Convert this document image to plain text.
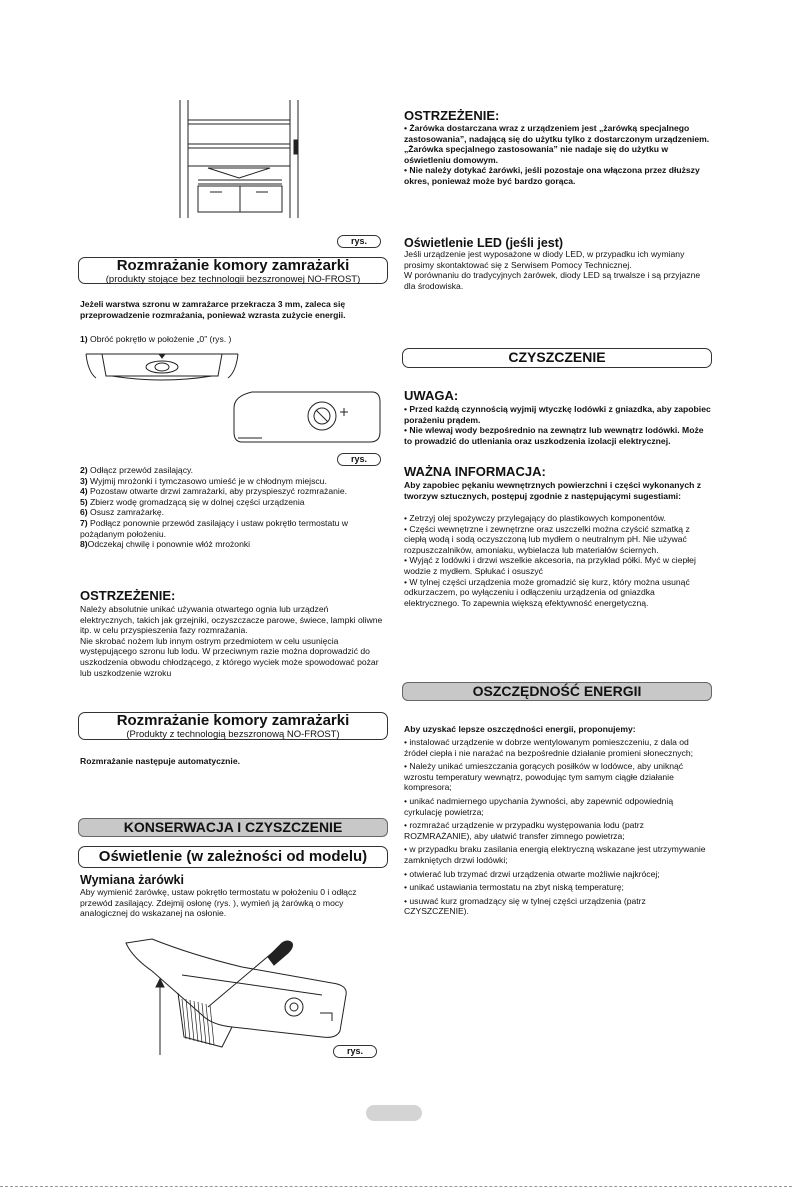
rys.
Rozmrażanie komory zamrażarki
(produkty stojące bez technologii bezszronowej NO-FROST)
Jeżeli warstwa szronu w zamrażarce przekracza 3 mm, zaleca się przeprowadzenie rozmrażania, ponieważ wzrasta zużycie energii.
1) Obróć pokrętło w położenie „0” (rys. )
rys.

2) Odłącz przewód zasilający.

3) Wyjmij mrożonki i tymczasowo umieść je w chłodnym miejscu.

4) Pozostaw otwarte drzwi zamrażarki, aby przyspieszyć rozmrażanie.

5) Zbierz wodę gromadzącą się w dolnej części urządzenia

6) Osusz zamrażarkę.

7) Podłącz ponownie przewód zasilający i ustaw pokrętło termostatu w pożądanym położeniu.

8)Odczekaj chwilę i ponownie włóż mrożonki

OSTRZEŻENIE:

Należy absolutnie unikać używania otwartego ognia lub urządzeń elektrycznych, takich jak grzejniki, oczyszczacze parowe, świece, lampki oliwne itp. w celu przyspieszenia fazy rozmrażania.

Nie skrobać nożem lub innym ostrym przedmiotem w celu usunięcia występującego szronu lub lodu. W przeciwnym razie można doprowadzić do uszkodzenia obwodu chłodzącego, z którego wyciek może spowodować pożar lub uszkodzenie wzroku

Rozmrażanie komory zamrażarki
(Produkty z technologią bezszronową NO-FROST)
Rozmrażanie następuje automatycznie.
KONSERWACJA I CZYSZCZENIE
Oświetlenie (w zależności od modelu)
Wymiana żarówki
Aby wymienić żarówkę, ustaw pokrętło termostatu w położeniu 0 i odłącz przewód zasilający. Zdejmij osłonę (rys. ), wymień ją żarówką o mocy analogicznej do wskazanej na osłonie.
rys.
OSTRZEŻENIE:

• Żarówka dostarczana wraz z urządzeniem jest „żarówką specjalnego zastosowania”, nadającą się do użytku tylko z dostarczonym urządzeniem. „Żarówka specjalnego zastosowania” nie nadaje się do użytku w oświetleniu domowym.

• Nie należy dotykać żarówki, jeśli pozostaje ona włączona przez dłuższy okres, ponieważ może być bardzo gorąca.

Oświetlenie LED (jeśli jest)

Jeśli urządzenie jest wyposażone w diody LED, w przypadku ich wymiany prosimy skontaktować się z Serwisem Pomocy Technicznej.

W porównaniu do tradycyjnych żarówek, diody LED są trwalsze i są przyjazne dla środowiska.

CZYSZCZENIE
UWAGA:

• Przed każdą czynnością wyjmij wtyczkę lodówki z gniazdka, aby zapobiec porażeniu prądem.

• Nie wlewaj wody bezpośrednio na zewnątrz lub wewnątrz lodówki. Może to prowadzić do utleniania oraz uszkodzenia izolacji elektrycznej.

WAŻNA INFORMACJA:
Aby zapobiec pękaniu wewnętrznych powierzchni i części wykonanych z tworzyw sztucznych, postępuj zgodnie z następującymi sugestiami:

• Zetrzyj olej spożywczy przylegający do plastikowych komponentów.

• Części wewnętrzne i zewnętrzne oraz uszczelki można czyścić szmatką z ciepłą wodą i sodą oczyszczoną lub mydłem o neutralnym pH. Nie używać rozpuszczalników, amoniaku, wybielacza lub materiałów ściernych.

• Wyjąć z lodówki i drzwi wszelkie akcesoria, na przykład półki. Myć w ciepłej wodzie z mydłem. Spłukać i osuszyć

• W tylnej części urządzenia może gromadzić się kurz, który można usunąć odkurzaczem, po wyłączeniu i odłączeniu urządzenia od gniazdka elektrycznego. To zapewnia większą efektywność energetyczną.

OSZCZĘDNOŚĆ ENERGII
Aby uzyskać lepsze oszczędności energii, proponujemy:

• instalować urządzenie w dobrze wentylowanym pomieszczeniu, z dala od źródeł ciepła i nie narażać na bezpośrednie działanie promieni słonecznych;

• Należy unikać umieszczania gorących posiłków w lodówce, aby uniknąć wzrostu temperatury wewnątrz, powodując tym samym ciągłe działanie kompresora;

• unikać nadmiernego upychania żywności, aby zapewnić odpowiednią cyrkulację powietrza;

• rozmrażać urządzenie w przypadku występowania lodu (patrz ROZMRAŻANIE), aby ułatwić transfer zimnego powietrza;

• w przypadku braku zasilania energią elektryczną wskazane jest utrzymywanie zamkniętych drzwi lodówki;

• otwierać lub trzymać drzwi urządzenia otwarte możliwie najkrócej;

• unikać ustawiania termostatu na zbyt niską temperaturę;

• usuwać kurz gromadzący się w tylnej części urządzenia (patrz CZYSZCZENIE).
